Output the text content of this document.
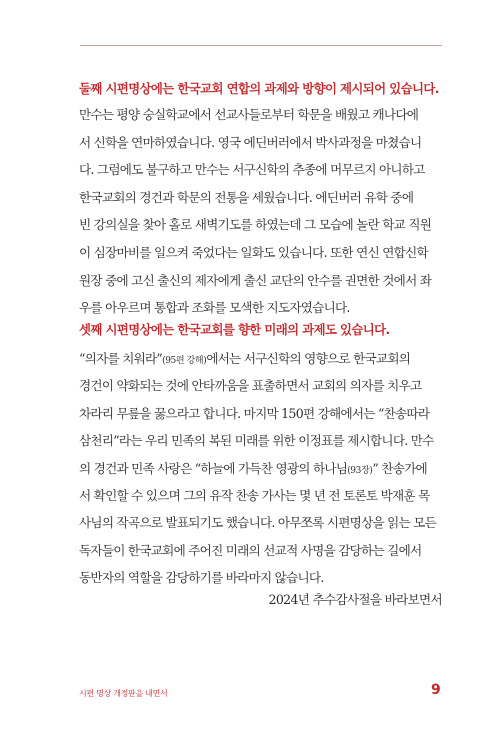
둘째 시편명상에는 한국교회 연합의 과제와 방향이 제시되어 있습니다.
만수는 평양 숭실학교에서 선교사들로부터 학문을 배웠고 캐나다에
서 신학을 연마하였습니다. 영국 에딘버러에서 박사과정을 마쳤습니
다. 그럼에도 불구하고 만수는 서구신학의 추종에 머무르지 아니하고
한국교회의 경건과 학문의 전통을 세웠습니다. 에딘버러 유학 중에
빈 강의실을 찾아 홀로 새벽기도를 하였는데 그 모습에 놀란 학교 직원
이 심장마비를 일으켜 죽었다는 일화도 있습니다. 또한 연신 연합신학
원장 중에 고신 출신의 제자에게 출신 교단의 안수를 권면한 것에서 좌
우를 아우르며 통합과 조화를 모색한 지도자였습니다.
셋째 시편명상에는 한국교회를 향한 미래의 과제도 있습니다.
“의자를 치워라”(95편 강해)에서는 서구신학의 영향으로 한국교회의
경건이 약화되는 것에 안타까움을 표출하면서 교회의 의자를 치우고
차라리 무릎을 꿇으라고 합니다. 마지막 150편 강해에서는 “찬송따라
삼천리”라는 우리 민족의 복된 미래를 위한 이정표를 제시합니다. 만수
의 경건과 민족 사랑은 “하늘에 가득찬 영광의 하나님(93장)” 찬송가에
서 확인할 수 있으며 그의 유작 찬송 가사는 몇 년 전 토론토 박재훈 목
사님의 작곡으로 발표되기도 했습니다. 아무쪼록 시편명상을 읽는 모든
독자들이 한국교회에 주어진 미래의 선교적 사명을 감당하는 길에서
동반자의 역할을 감당하기를 바라마지 않습니다.
2024년 추수감사절을 바라보면서
시편 명상 개정판을 내면서	9
